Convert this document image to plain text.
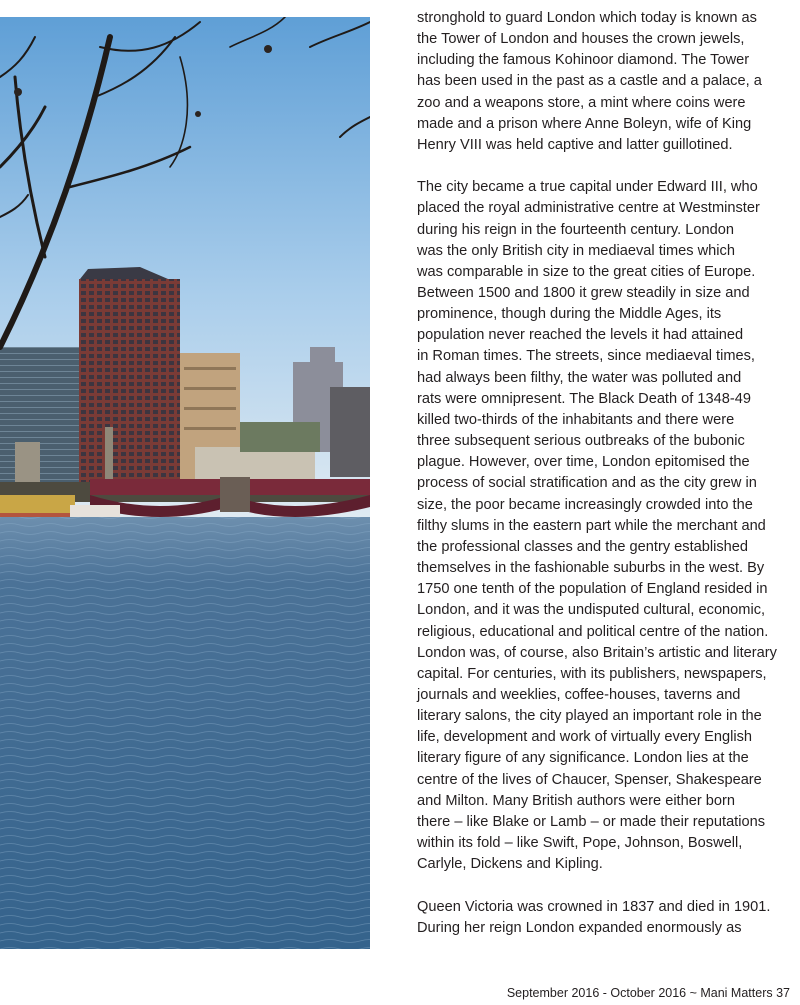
stronghold to guard London which today is known as
the Tower of London and houses the crown jewels,
including the famous Kohinoor diamond. The Tower
has been used in the past as a castle and a palace, a
zoo and a weapons store, a mint where coins were
made and a prison where Anne Boleyn, wife of King
Henry VIII was held captive and latter guillotined.
The city became a true capital under Edward III, who
placed the royal administrative centre at Westminster
during his reign in the fourteenth century. London
was the only British city in mediaeval times which
was comparable in size to the great cities of Europe.
Between 1500 and 1800 it grew steadily in size and
prominence, though during the Middle Ages, its
population never reached the levels it had attained
in Roman times. The streets, since mediaeval times,
had always been filthy, the water was polluted and
rats were omnipresent. The Black Death of 1348-49
killed two-thirds of the inhabitants and there were
three subsequent serious outbreaks of the bubonic
plague. However, over time, London epitomised the
process of social stratification and as the city grew in
size, the poor became increasingly crowded into the
filthy slums in the eastern part while the merchant and
the professional classes and the gentry established
themselves in the fashionable suburbs in the west. By
1750 one tenth of the population of England resided in
London, and it was the undisputed cultural, economic,
religious, educational and political centre of the nation.
London was, of course, also Britain’s artistic and literary
capital. For centuries, with its publishers, newspapers,
journals and weeklies, coffee-houses, taverns and
literary salons, the city played an important role in the
life, development and work of virtually every English
literary figure of any significance. London lies at the
centre of the lives of Chaucer, Spenser, Shakespeare
and Milton. Many British authors were either born
there – like Blake or Lamb – or made their reputations
within its fold – like Swift, Pope, Johnson, Boswell,
Carlyle, Dickens and Kipling.
Queen Victoria was crowned in 1837 and died in 1901.
During her reign London expanded enormously as
September 2016 - October 2016 ~ Mani Matters 37
